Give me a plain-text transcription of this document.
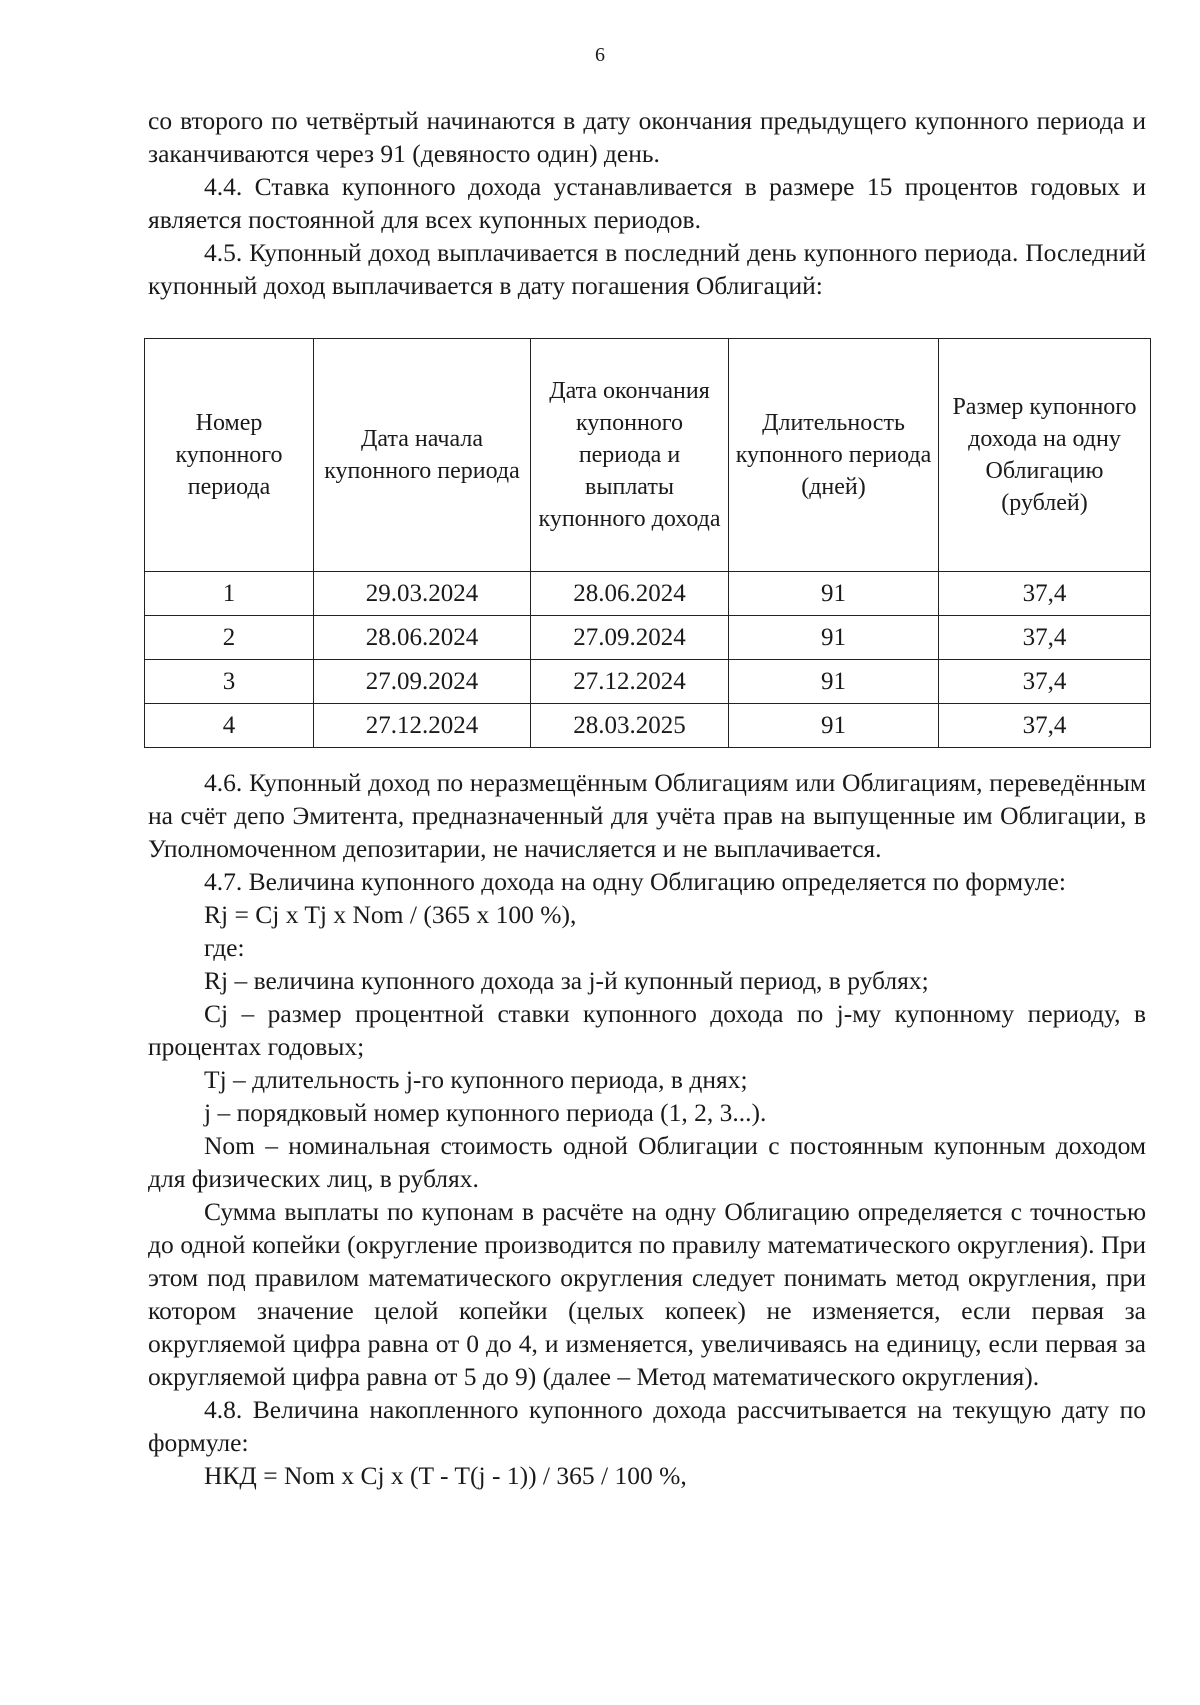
6

со второго по четвёртый начинаются в дату окончания предыдущего купонного периода и заканчиваются через 91 (девяносто один) день.

4.4. Ставка купонного дохода устанавливается в размере 15 процентов годовых и является постоянной для всех купонных периодов.

4.5. Купонный доход выплачивается в последний день купонного периода. Последний купонный доход выплачивается в дату погашения Облигаций:

Номер купонного периода	Дата начала купонного периода	Дата окончания купонного периода и выплаты купонного дохода	Длительность купонного периода (дней)	Размер купонного дохода на одну Облигацию (рублей)
1	29.03.2024	28.06.2024	91	37,4
2	28.06.2024	27.09.2024	91	37,4
3	27.09.2024	27.12.2024	91	37,4
4	27.12.2024	28.03.2025	91	37,4

4.6. Купонный доход по неразмещённым Облигациям или Облигациям, переведённым на счёт депо Эмитента, предназначенный для учёта прав на выпущенные им Облигации, в Уполномоченном депозитарии, не начисляется и не выплачивается.

4.7. Величина купонного дохода на одну Облигацию определяется по формуле:

Rj = Cj x Tj x Nom / (365 x 100 %),

где:

Rj – величина купонного дохода за j-й купонный период, в рублях;

Cj – размер процентной ставки купонного дохода по j-му купонному периоду, в процентах годовых;

Tj – длительность j-го купонного периода, в днях;

j – порядковый номер купонного периода (1, 2, 3...).

Nom – номинальная стоимость одной Облигации с постоянным купонным доходом для физических лиц, в рублях.

Сумма выплаты по купонам в расчёте на одну Облигацию определяется с точностью до одной копейки (округление производится по правилу математического округления). При этом под правилом математического округления следует понимать метод округления, при котором значение целой копейки (целых копеек) не изменяется, если первая за округляемой цифра равна от 0 до 4, и изменяется, увеличиваясь на единицу, если первая за округляемой цифра равна от 5 до 9) (далее – Метод математического округления).

4.8. Величина накопленного купонного дохода рассчитывается на текущую дату по формуле:

НКД = Nom x Cj x (T - T(j - 1)) / 365 / 100 %,
